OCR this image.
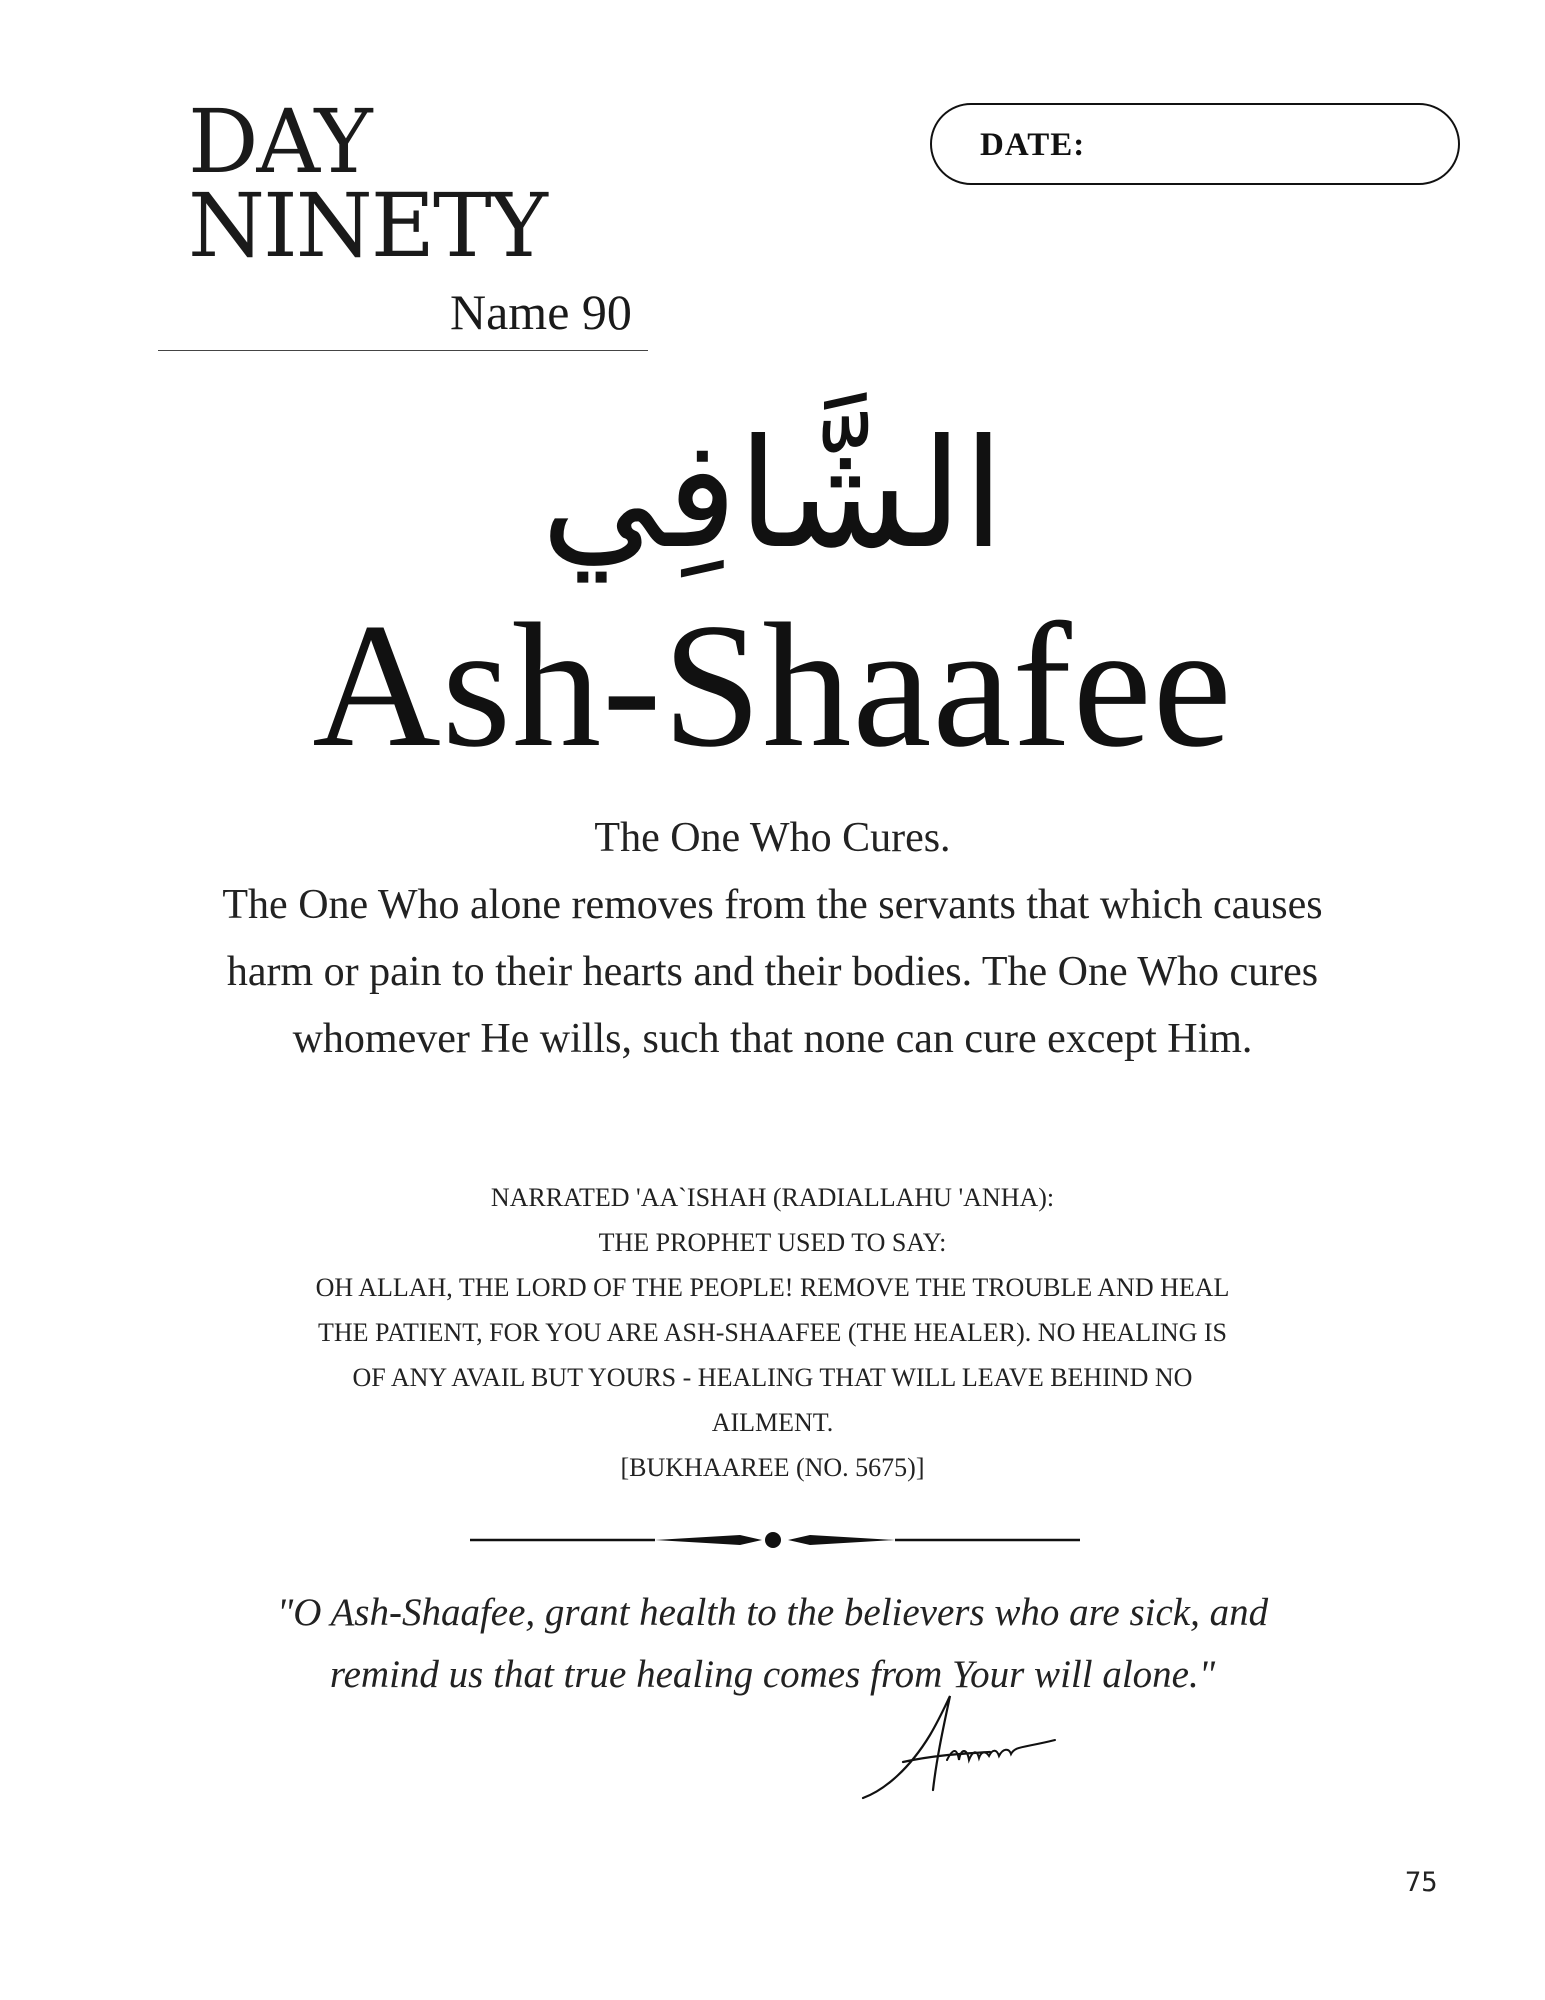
DAY
NINETY
Name 90
DATE:
الشَّافِي
Ash-Shaafee
The One Who Cures.
The One Who alone removes from the servants that which causes harm or pain to their hearts and their bodies. The One Who cures whomever He wills, such that none can cure except Him.
NARRATED 'AA`ISHAH (RADIALLAHU 'ANHA):
THE PROPHET USED TO SAY:
OH ALLAH, THE LORD OF THE PEOPLE! REMOVE THE TROUBLE AND HEAL THE PATIENT, FOR YOU ARE ASH-SHAAFEE (THE HEALER). NO HEALING IS OF ANY AVAIL BUT YOURS - HEALING THAT WILL LEAVE BEHIND NO AILMENT.
[BUKHAAREE (NO. 5675)]
"O Ash-Shaafee, grant health to the believers who are sick, and remind us that true healing comes from Your will alone."
75
